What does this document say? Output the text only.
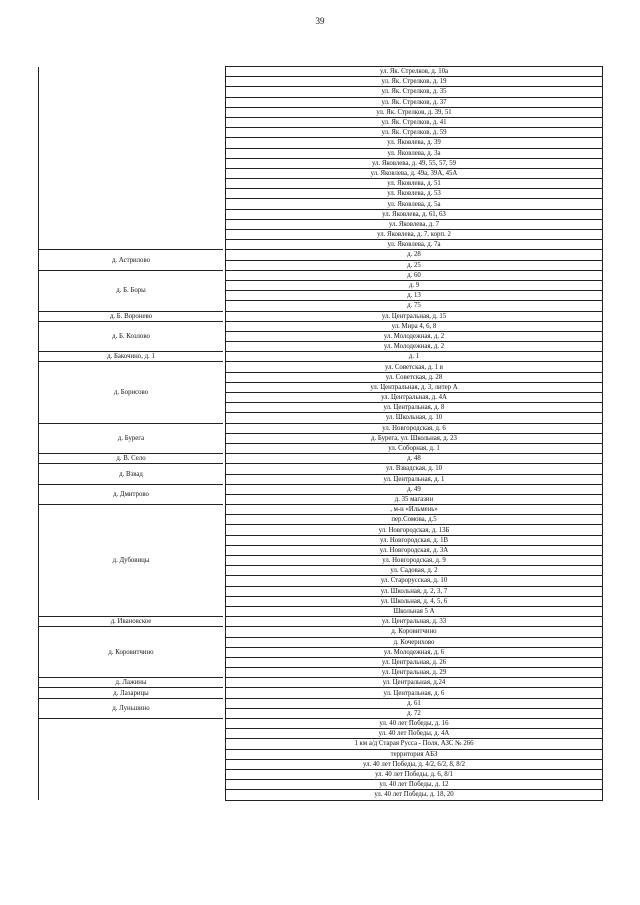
39
		ул. Як. Стрелков, д. 10а
		ул. Як. Стрелков, д. 19
		ул. Як. Стрелков, д. 35
		ул. Як. Стрелков, д. 37
		ул. Як. Стрелков, д. 39, 51
		ул. Як. Стрелков, д. 41
		ул. Як. Стрелков, д. 59
		ул. Яковлева, д. 39
		ул. Яковлева, д. 3а
		ул. Яковлева, д. 49, 55, 57, 59
		ул. Яковлева, д. 49а, 39А, 45А
		ул. Яковлева, д. 51
		ул. Яковлева, д. 53
		ул. Яковлева, д. 5а
		ул. Яковлева, д. 61, 63
		ул. Яковлева, д. 7
		ул. Яковлева, д. 7, корп. 2
		ул. Яковлева, д. 7а
д. Астрилово		д. 28
		д. 25
д. Б. Боры		д. 60
		д. 9
		д. 13
		д. 75
д. Б. Воронево		ул. Центральная, д. 15
д. Б. Козлово		ул. Мира 4, 6, 8
		ул. Молодежная, д. 2
		ул. Молодежная, д. 2
д. Бакочино, д. 1		д. 1
д. Борисово		ул. Советская, д. 1 в
		ул. Советская, д. 28
		ул. Центральная, д. 3, литер А
		ул. Центральная, д. 4А
		ул. Центральная, д. 8
		ул. Школьная, д. 10
д. Бурега		ул. Новгородская, д. 6
		д. Бурега, ул. Школьная, д. 23
		ул. Соборная, д. 1
д. В. Село		д. 48
д. Взвад		ул. Взвадская, д. 10
		ул. Центральная, д. 1
д. Дмитрово		д. 49
		д. 35 магазин
д. Дубовицы		, м-н «Ильмень»
		пер.Сомова, д.5
		ул. Новгородская, д. 13Б
		ул. Новгородская, д. 1В
		ул. Новгородская, д. 3А
		ул. Новгородская, д. 9
		ул. Садовая, д. 2
		ул. Старорусская, д. 10
		ул. Школьная, д. 2, 3, 7
		ул. Школьная, д. 4, 5, 6
		Школьная 5 А
д. Ивановское		ул. Центральная, д. 33
д. Коровитчино		д. Коровитчино
		д. Кочерихово
		ул. Молодежная, д. 6
		ул. Центральная, д. 26
		ул. Центральная, д. 29
д. Лажины		ул. Центральная, д.24
д. Лазарицы		ул. Центральная, д. 6
д. Луньшино		д. 61
		д. 72
		ул. 40 лет Победы, д. 16
		ул. 40 лет Победы, д. 4А
		1 км а/д Старая Русса - Поля, АЗС № 266
		территория АБЗ
		ул. 40 лет Победы, д. 4/2, 6/2, 8, 8/2
		ул. 40 лет Победы, д. 6, 8/1
		ул. 40 лет Победы, д. 12
		ул. 40 лет Победы, д. 18, 20
